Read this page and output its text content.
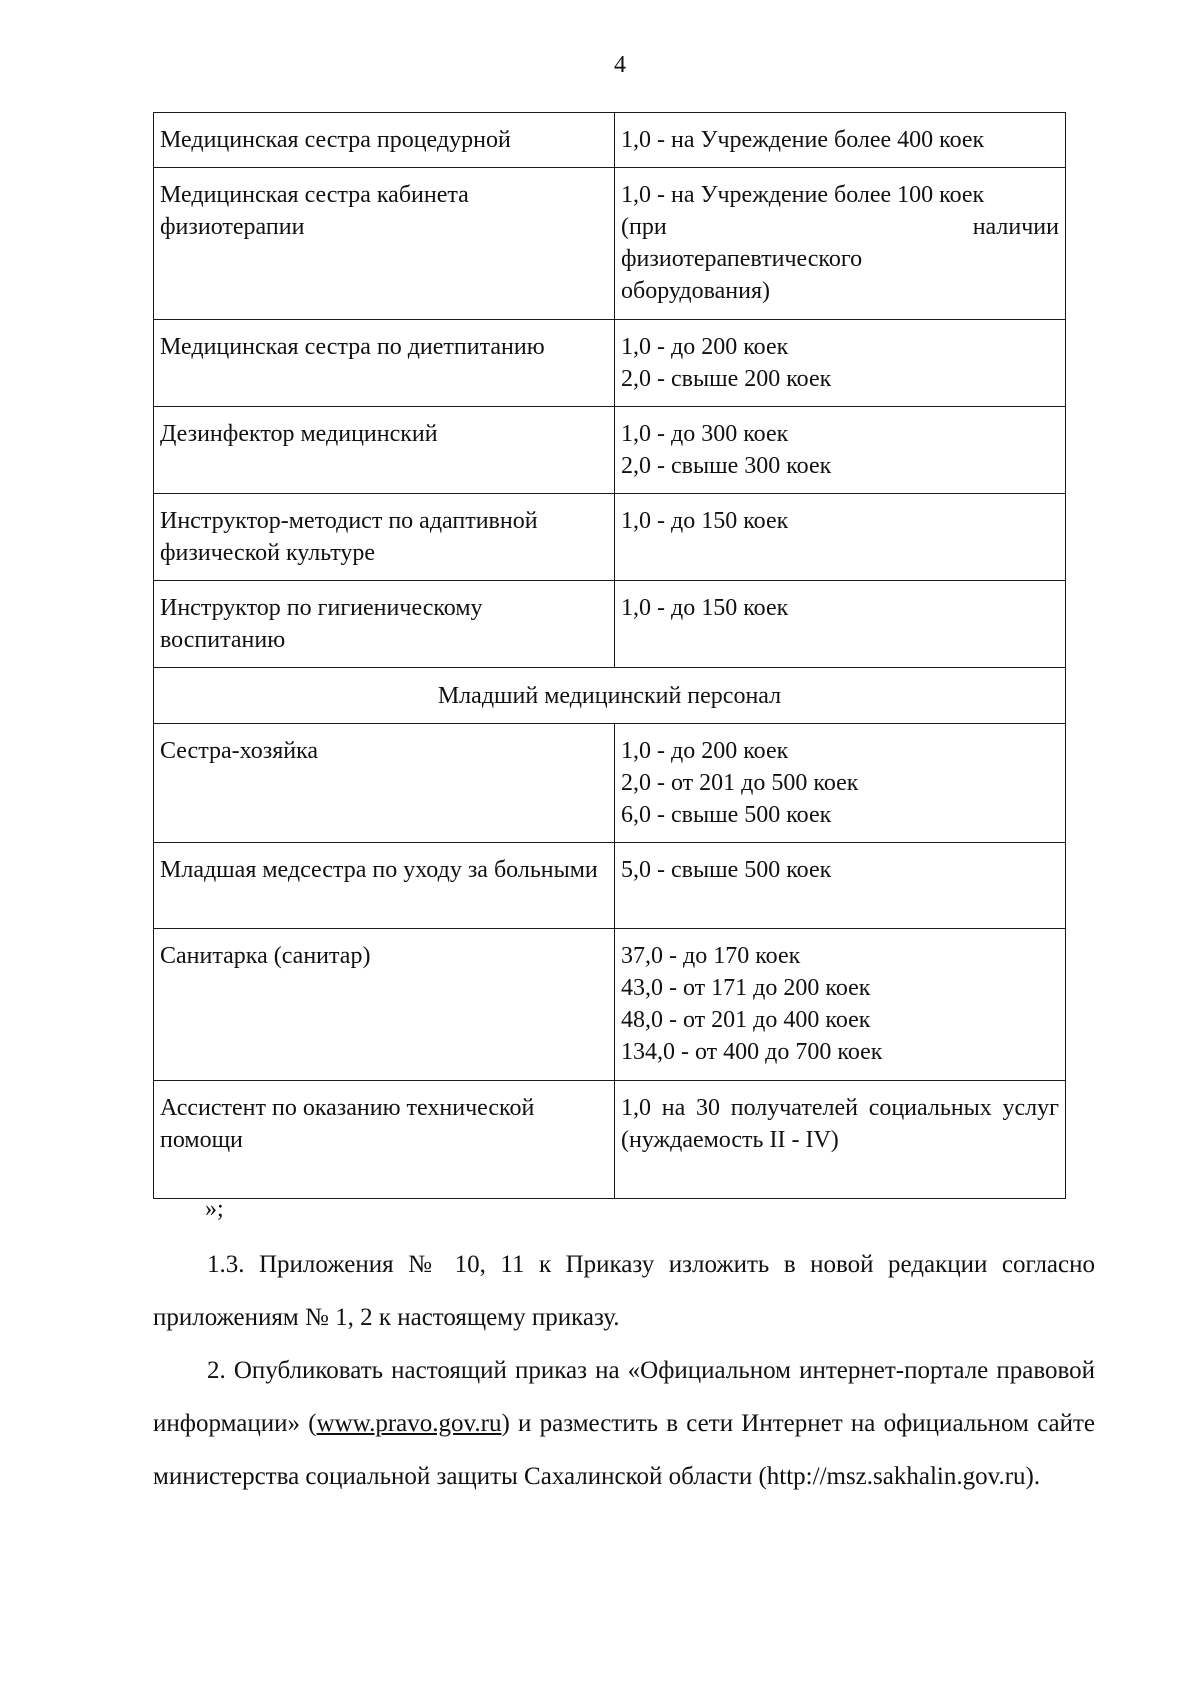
4
Медицинская сестра процедурной	1,0 - на Учреждение более 400 коек

Медицинская сестра кабинета физиотерапии	1,0 - на Учреждение более 100 коек
(при наличии
физиотерапевтического
оборудования)

Медицинская сестра по диетпитанию	1,0 - до 200 коек
2,0 - свыше 200 коек

Дезинфектор медицинский	1,0 - до 300 коек
2,0 - свыше 300 коек

Инструктор-методист по адаптивной физической культуре	1,0 - до 150 коек

Инструктор по гигиеническому воспитанию	1,0 - до 150 коек

Младший медицинский персонал	
Сестра-хозяйка	1,0 - до 200 коек
2,0 - от 201 до 500 коек
6,0 - свыше 500 коек

Младшая медсестра по уходу за больными	5,0 - свыше 500 коек

Санитарка (санитар)	37,0 - до 170 коек
43,0 - от 171 до 200 коек
48,0 - от 201 до 400 коек
134,0 - от 400 до 700 коек

Ассистент по оказанию технической помощи	1,0 на 30 получателей социальных услуг (нуждаемость II - IV)
»;
1.3. Приложения № 10, 11 к Приказу изложить в новой редакции согласно приложениям № 1, 2 к настоящему приказу.
2. Опубликовать настоящий приказ на «Официальном интернет-портале правовой информации» (www.pravo.gov.ru) и разместить в сети Интернет на официальном сайте министерства социальной защиты Сахалинской области (http://msz.sakhalin.gov.ru).
